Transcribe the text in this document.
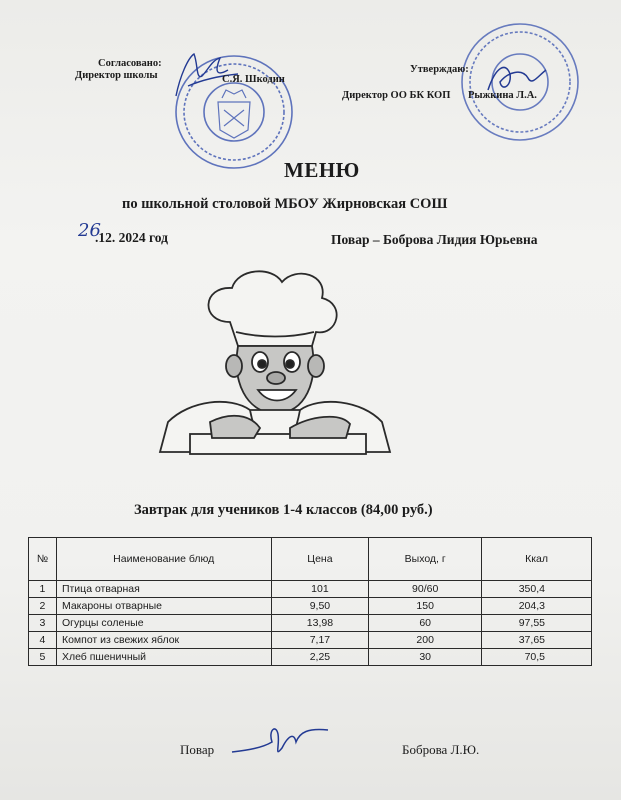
Согласовано:
Директор школы	С.Я. Шкодин
Утверждаю:
Директор ОО БК КОП Рыжкина Л.А.
МЕНЮ
по школьной столовой МБОУ Жирновская СОШ
26
.12. 2024 год	Повар – Боброва Лидия Юрьевна
Завтрак для учеников 1-4 классов (84,00 руб.)
№	Наименование блюд	Цена	Выход, г	Ккал
1	Птица отварная	101	90/60	350,4
2	Макароны отварные	9,50	150	204,3
3	Огурцы соленые	13,98	60	97,55
4	Компот из свежих яблок	7,17	200	37,65
5	Хлеб пшеничный	2,25	30	70,5
Повар	Боброва Л.Ю.
